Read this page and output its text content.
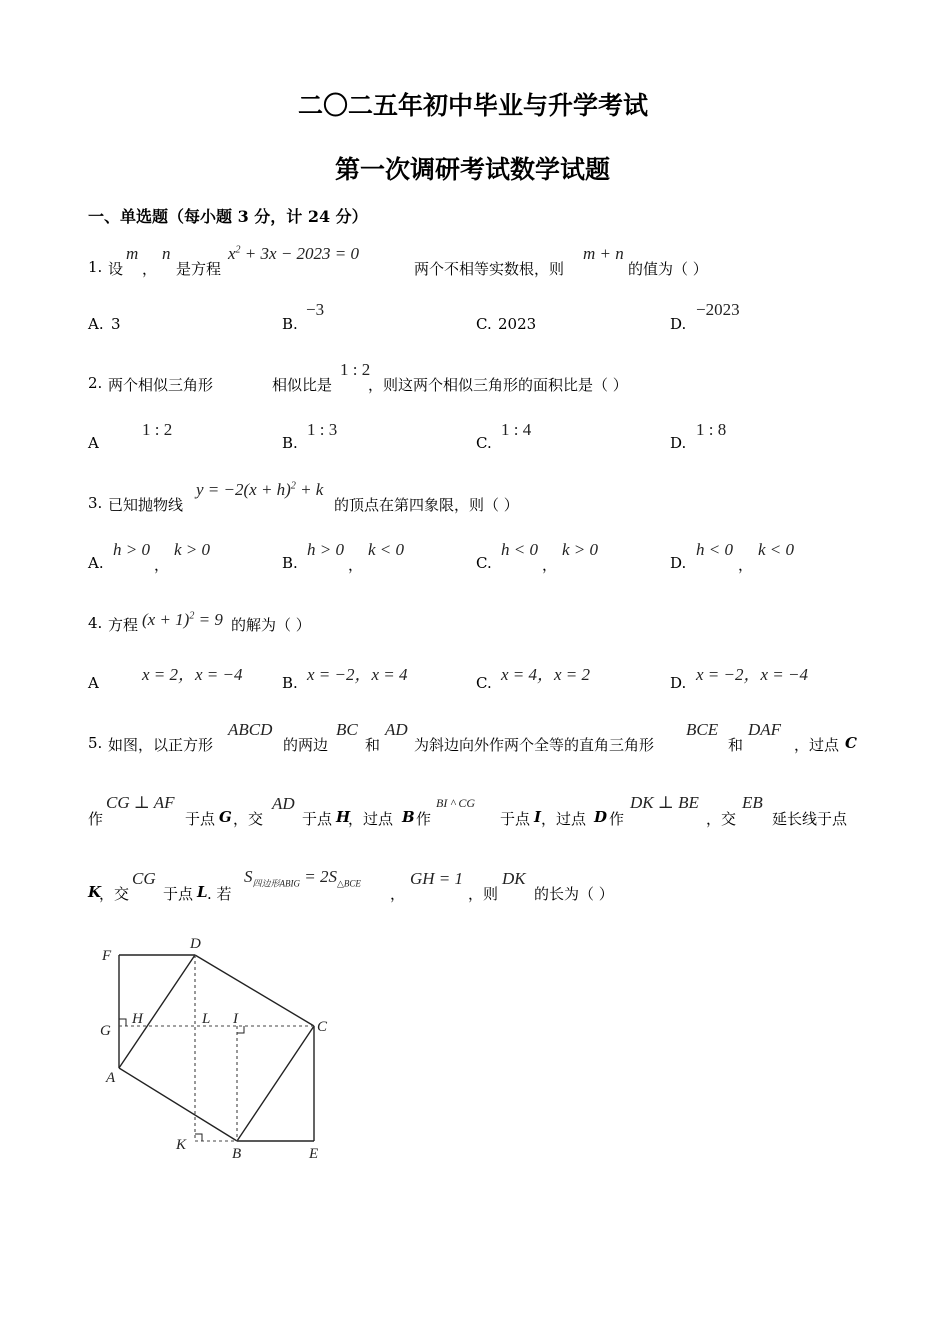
二〇二五年初中毕业与升学考试
第一次调研考试数学试题
一、单选题（每小题 3 分，计 24 分）
1. 设
m
，
n
是方程
$x^2 + 3x - 2023 = 0$
两个不相等实数根，则
m + n
的值为（ ）
A. 3	B.
−3
C. 2023	D.
−2023
2. 两个相似三角形	相似比是
1 : 2
，则这两个相似三角形的面积比是（ ）
A
1 : 2
B.
1 : 3
C.
1 : 4
D.
1 : 8
3. 已知抛物线
$y = -2(x + h)^2 + k$
的顶点在第四象限，则（ ）
A.
h > 0
，
k > 0
B.
h > 0
，
k < 0
C.
h < 0
，
k > 0
D.
h < 0
，
k < 0
4. 方程 $(x + 1)^2 = 9$ 的解为（ ）
A	x = 2，x = −4	B. x = −2，x = 4	C. x = 4，x = 2	D. x = −2，x = −4
5. 如图，以正方形
ABCD
的两边
BC
和
AD
为斜边向外作两个全等的直角三角形
BCE
和
DAF
，过点 C
作
CG ⊥ AF
于点 G ，交
AD
于点 H
，过点 B 作
BI ^ CG
于点 I ，过点 D 作
DK ⊥ BE
，交
EB
延长线于点
K
，交
CG
于点 L . 若
$S_{四边形ABIG} = 2S_{\triangle BCE}$
，
GH = 1
，则
DK
的长为（ ）
F
D
G
H	L I	C
A
K
B	E
